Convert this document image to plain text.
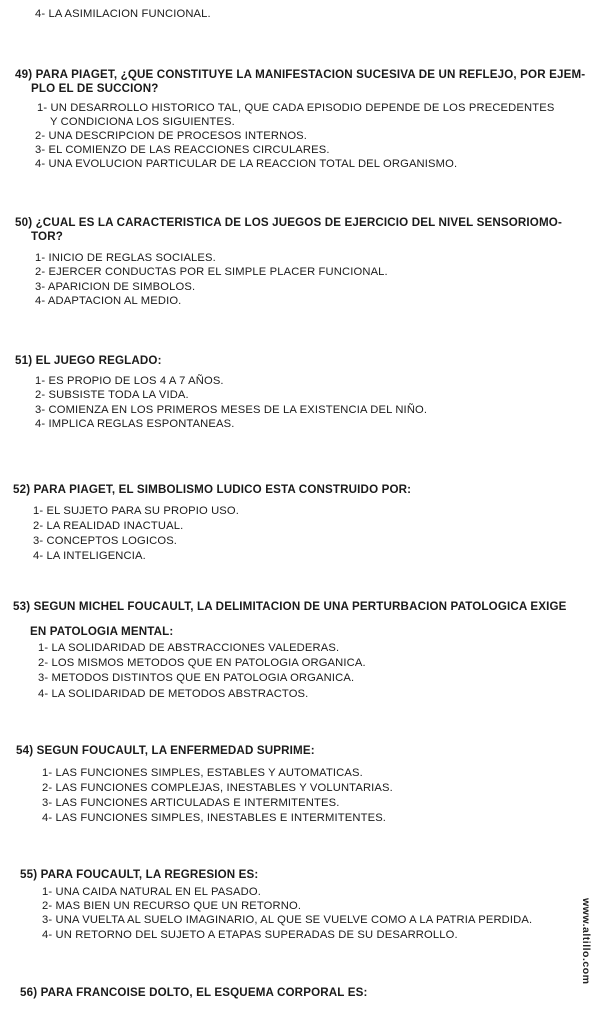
4- LA ASIMILACION FUNCIONAL.
49) PARA PIAGET, ¿QUE CONSTITUYE LA MANIFESTACION SUCESIVA DE UN REFLEJO, POR EJEM-
PLO EL DE SUCCION?
1- UN DESARROLLO HISTORICO TAL, QUE CADA EPISODIO DEPENDE DE LOS PRECEDENTES
Y CONDICIONA LOS SIGUIENTES.
2- UNA DESCRIPCION DE PROCESOS INTERNOS.
3- EL COMIENZO DE LAS REACCIONES CIRCULARES.
4- UNA EVOLUCION PARTICULAR DE LA REACCION TOTAL DEL ORGANISMO.
50) ¿CUAL ES LA CARACTERISTICA DE LOS JUEGOS DE EJERCICIO DEL NIVEL SENSORIOMO-
TOR?
1- INICIO DE REGLAS SOCIALES.
2- EJERCER CONDUCTAS POR EL SIMPLE PLACER FUNCIONAL.
3- APARICION DE SIMBOLOS.
4- ADAPTACION AL MEDIO.
51) EL JUEGO REGLADO:
1- ES PROPIO DE LOS 4 A 7 AÑOS.
2- SUBSISTE TODA LA VIDA.
3- COMIENZA EN LOS PRIMEROS MESES DE LA EXISTENCIA DEL NIÑO.
4- IMPLICA REGLAS ESPONTANEAS.
52) PARA PIAGET, EL SIMBOLISMO LUDICO ESTA CONSTRUIDO POR:
1- EL SUJETO PARA SU PROPIO USO.
2- LA REALIDAD INACTUAL.
3- CONCEPTOS LOGICOS.
4- LA INTELIGENCIA.
53) SEGUN MICHEL FOUCAULT, LA DELIMITACION DE UNA PERTURBACION PATOLOGICA EXIGE
EN PATOLOGIA MENTAL:
1- LA SOLIDARIDAD DE ABSTRACCIONES VALEDERAS.
2- LOS MISMOS METODOS QUE EN PATOLOGIA ORGANICA.
3- METODOS DISTINTOS QUE EN PATOLOGIA ORGANICA.
4- LA SOLIDARIDAD DE METODOS ABSTRACTOS.
54) SEGUN FOUCAULT, LA ENFERMEDAD SUPRIME:
1- LAS FUNCIONES SIMPLES, ESTABLES Y AUTOMATICAS.
2- LAS FUNCIONES COMPLEJAS, INESTABLES Y VOLUNTARIAS.
3- LAS FUNCIONES ARTICULADAS E INTERMITENTES.
4- LAS FUNCIONES SIMPLES, INESTABLES E INTERMITENTES.
55) PARA FOUCAULT, LA REGRESION ES:
1- UNA CAIDA NATURAL EN EL PASADO.
2- MAS BIEN UN RECURSO QUE UN RETORNO.
3- UNA VUELTA AL SUELO IMAGINARIO, AL QUE SE VUELVE COMO A LA PATRIA PERDIDA.
4- UN RETORNO DEL SUJETO A ETAPAS SUPERADAS DE SU DESARROLLO.
56) PARA FRANCOISE DOLTO, EL ESQUEMA CORPORAL ES:
www.altillo.com
